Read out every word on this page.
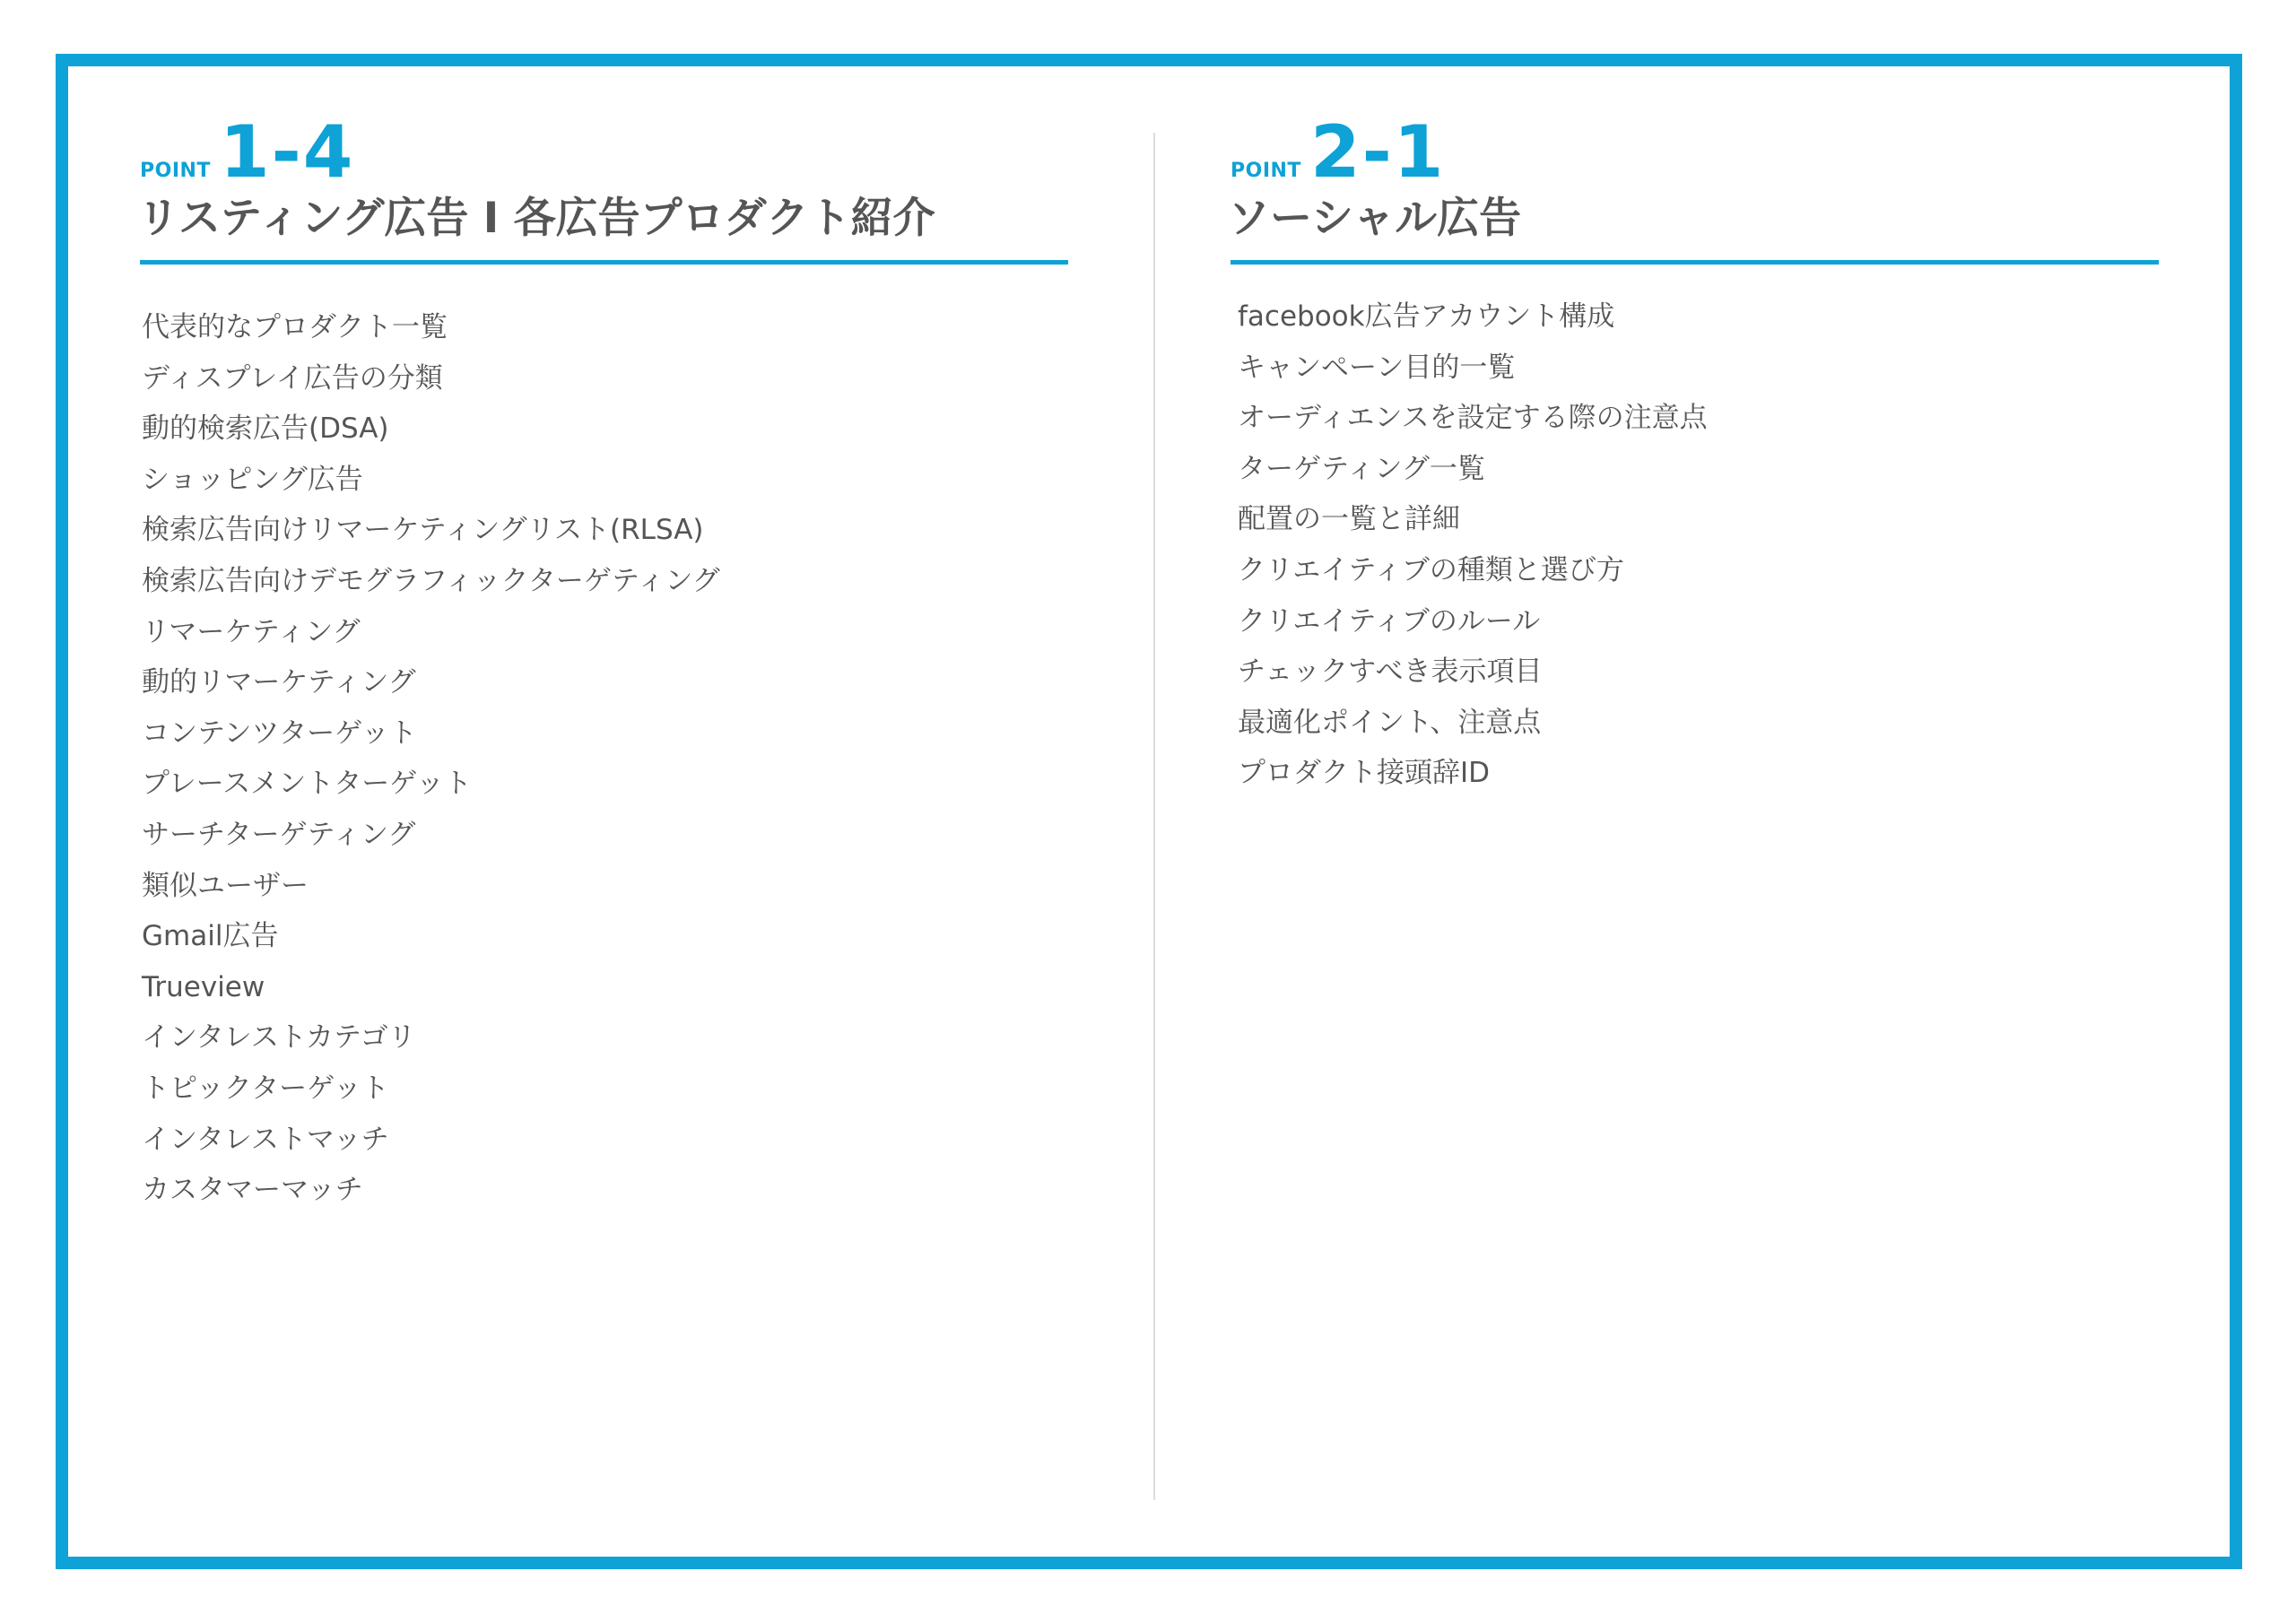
POINT 1-4
リスティング広告 I 各広告プロダクト紹介
代表的なプロダクト一覧
ディスプレイ広告の分類
動的検索広告(DSA)
ショッピング広告
検索広告向けリマーケティングリスト(RLSA)
検索広告向けデモグラフィックターゲティング
リマーケティング
動的リマーケティング
コンテンツターゲット
プレースメントターゲット
サーチターゲティング
類似ユーザー
Gmail広告
Trueview
インタレストカテゴリ
トピックターゲット
インタレストマッチ
カスタマーマッチ
POINT 2-1
ソーシャル広告
facebook広告アカウント構成
キャンペーン目的一覧
オーディエンスを設定する際の注意点
ターゲティング一覧
配置の一覧と詳細
クリエイティブの種類と選び方
クリエイティブのルール
チェックすべき表示項目
最適化ポイント、注意点
プロダクト接頭辞ID
